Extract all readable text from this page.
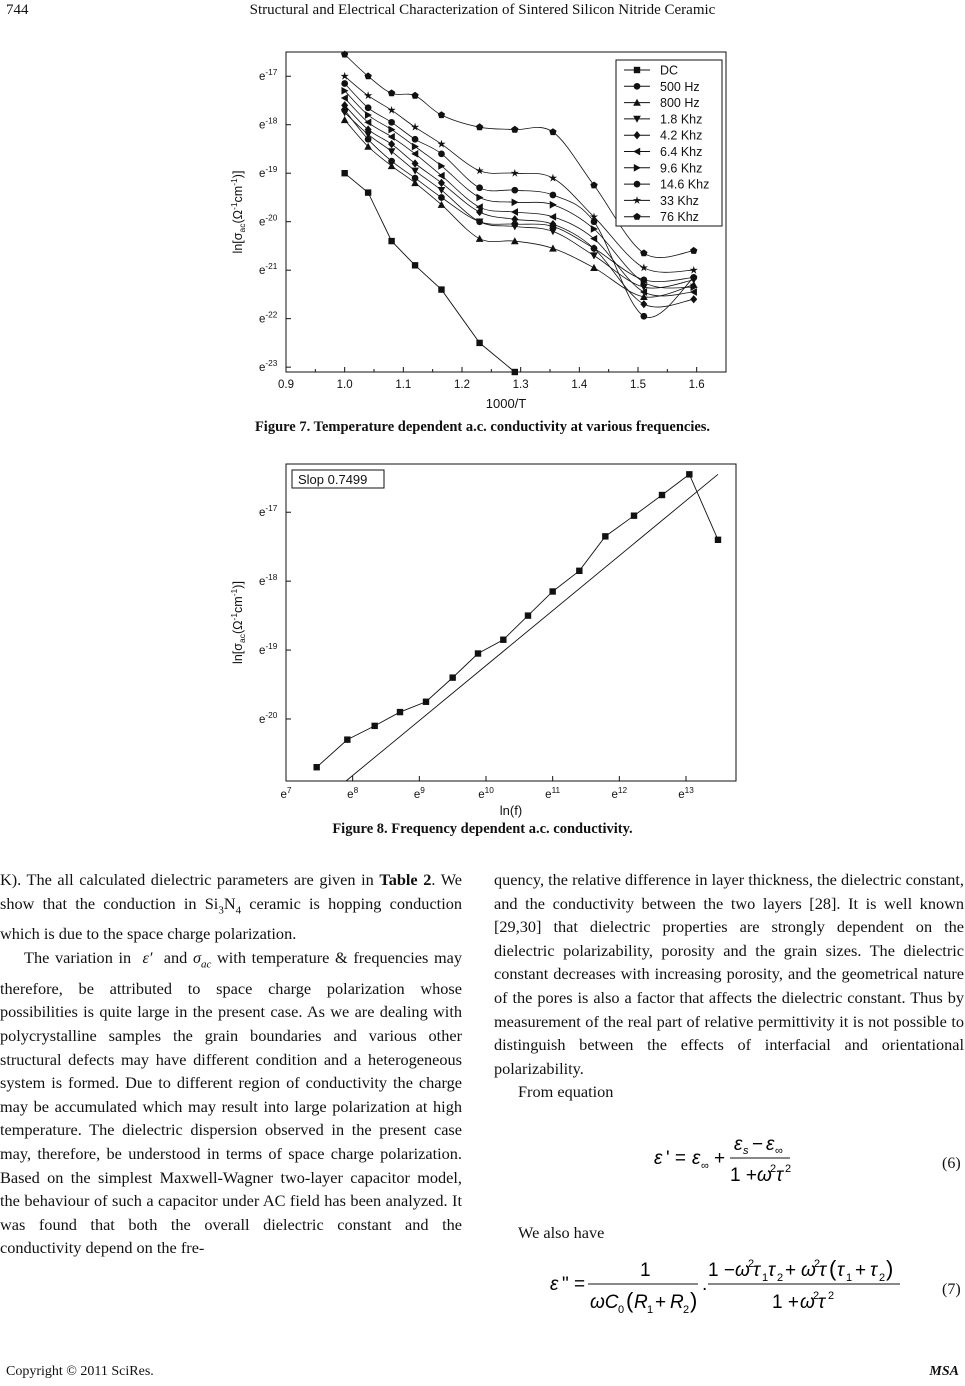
744	Structural and Electrical Characterization of Sintered Silicon Nitride Ceramic
0.9	1.0	1.1	1.2	1.3	1.4	1.5	1.6
$e^{-17}$
$e^{-18}$
$e^{-19}$
$e^{-20}$
$e^{-21}$
$e^{-22}$
$e^{-23}$
1000/T
$\ln[\sigma_{ac}(\Omega^{-1}cm^{-1})]$
DC
500 Hz
800 Hz
1.8 Khz
4.2 Khz
6.4 Khz
9.6 Khz
14.6 Khz
33 Khz
76 Khz
Figure 7. Temperature dependent a.c. conductivity at various frequencies.
$e^7$	$e^8$	$e^9$	$e^{10}$	$e^{11}$	$e^{12}$	$e^{13}$
$e^{-17}$
$e^{-18}$
$e^{-19}$
$e^{-20}$
ln(f)
$\ln[\sigma_{ac}(\Omega^{-1}cm^{-1})]$
Slop 0.7499
Figure 8. Frequency dependent a.c. conductivity.

K). The all calculated dielectric parameters are given in Table 2. We show that the conduction in $Si_3N_4$ ceramic is hopping conduction which is due to the space charge polarization.

The variation in ε′ and $\sigma_{ac}$ with temperature & frequencies may therefore, be attributed to space charge polarization whose possibilities is quite large in the present case. As we are dealing with polycrystalline samples the grain boundaries and various other structural defects may have different condition and a heterogeneous system is formed. Due to different region of conductivity the charge may be accumulated which may result into large polarization at high temperature. The dielectric dispersion observed in the present case may, therefore, be understood in terms of space charge polarization. Based on the simplest Maxwell-Wagner two-layer capacitor model, the behaviour of such a capacitor under AC field has been analyzed. It was found that both the overall dielectric constant and the conductivity depend on the fre-

quency, the relative difference in layer thickness, the dielectric constant, and the conductivity between the two layers [28]. It is well known [29,30] that dielectric properties are strongly dependent on the dielectric polarizability, porosity and the grain sizes. The dielectric constant decreases with increasing porosity, and the geometrical nature of the pores is also a factor that affects the dielectric constant. Thus by measurement of the real part of relative permittivity it is not possible to distinguish between the effects of interfacial and orientational polarizability.

From equation

ε ' = ε ∞ +
ε s − ε ∞
1 + ω
2 τ 2	(6)

We also have

ε " =
1
ωC 0 ( R 1 + R 2 )
.
1 − ω
2
τ 1 τ 2 + ω
2
τ ( τ 1 + τ 2 )
1 + ω
2
τ 2	(7)
Copyright © 2011 SciRes.	MSA
